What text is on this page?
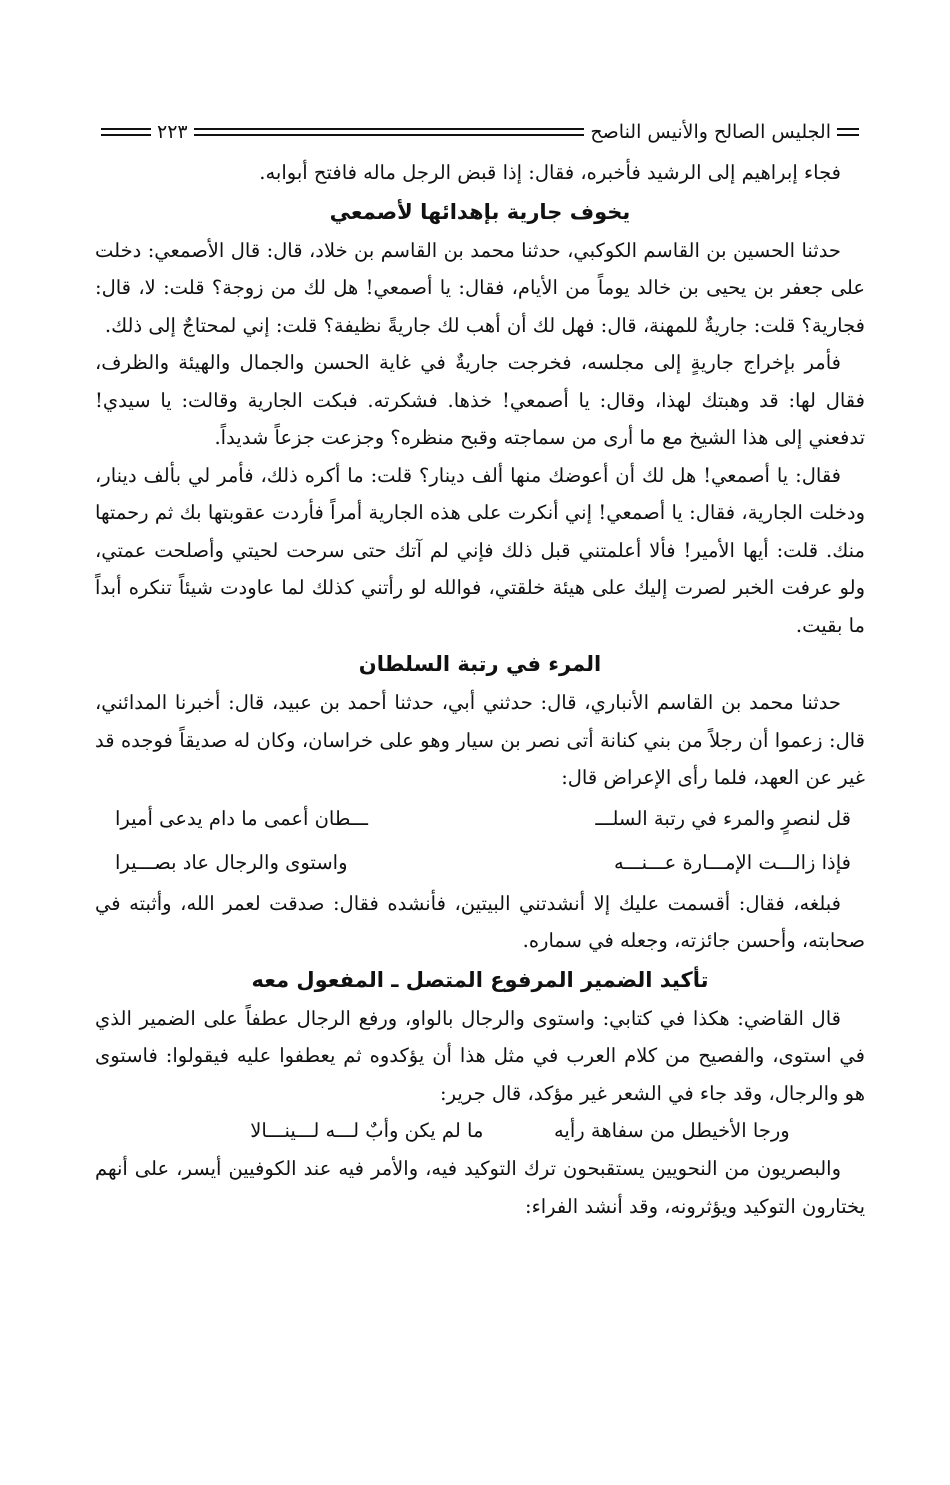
الجليس الصالح والأنيس الناصح
٢٢٣

فجاء إبراهيم إلى الرشيد فأخبره، فقال: إذا قبض الرجل ماله فافتح أبوابه.

يخوف جارية بإهدائها لأصمعي

حدثنا الحسين بن القاسم الكوكبي، حدثنا محمد بن القاسم بن خلاد، قال: قال الأصمعي: دخلت على جعفر بن يحيى بن خالد يوماً من الأيام، فقال: يا أصمعي! هل لك من زوجة؟ قلت: لا، قال: فجارية؟ قلت: جاريةٌ للمهنة، قال: فهل لك أن أهب لك جاريةً نظيفة؟ قلت: إني لمحتاجٌ إلى ذلك.

فأمر بإخراج جاريةٍ إلى مجلسه، فخرجت جاريةٌ في غاية الحسن والجمال والهيئة والظرف، فقال لها: قد وهبتك لهذا، وقال: يا أصمعي! خذها. فشكرته. فبكت الجارية وقالت: يا سيدي! تدفعني إلى هذا الشيخ مع ما أرى من سماجته وقبح منظره؟ وجزعت جزعاً شديداً.

فقال: يا أصمعي! هل لك أن أعوضك منها ألف دينار؟ قلت: ما أكره ذلك، فأمر لي بألف دينار، ودخلت الجارية، فقال: يا أصمعي! إني أنكرت على هذه الجارية أمراً فأردت عقوبتها بك ثم رحمتها منك. قلت: أيها الأمير! فألا أعلمتني قبل ذلك فإني لم آتك حتى سرحت لحيتي وأصلحت عمتي، ولو عرفت الخبر لصرت إليك على هيئة خلقتي، فوالله لو رأتني كذلك لما عاودت شيئاً تنكره أبداً ما بقيت.

المرء في رتبة السلطان

حدثنا محمد بن القاسم الأنباري، قال: حدثني أبي، حدثنا أحمد بن عبيد، قال: أخبرنا المدائني، قال: زعموا أن رجلاً من بني كنانة أتى نصر بن سيار وهو على خراسان، وكان له صديقاً فوجده قد غير عن العهد، فلما رأى الإعراض قال:

قل لنصرٍ والمرء في رتبة السلـــ
ـــطان أعمى ما دام يدعى أميرا
فإذا زالـــت الإمـــارة عـــنـــه
واستوى والرجال عاد بصـــيرا

فبلغه، فقال: أقسمت عليك إلا أنشدتني البيتين، فأنشده فقال: صدقت لعمر الله، وأثبته في صحابته، وأحسن جائزته، وجعله في سماره.

تأكيد الضمير المرفوع المتصل ـ المفعول معه

قال القاضي: هكذا في كتابي: واستوى والرجال بالواو، ورفع الرجال عطفاً على الضمير الذي في استوى، والفصيح من كلام العرب في مثل هذا أن يؤكدوه ثم يعطفوا عليه فيقولوا: فاستوى هو والرجال، وقد جاء في الشعر غير مؤكد، قال جرير:

ورجا الأخيطل من سفاهة رأيه
ما لم يكن وأبٌ لـــه لـــينـــالا

والبصريون من النحويين يستقبحون ترك التوكيد فيه، والأمر فيه عند الكوفيين أيسر، على أنهم يختارون التوكيد ويؤثرونه، وقد أنشد الفراء:
